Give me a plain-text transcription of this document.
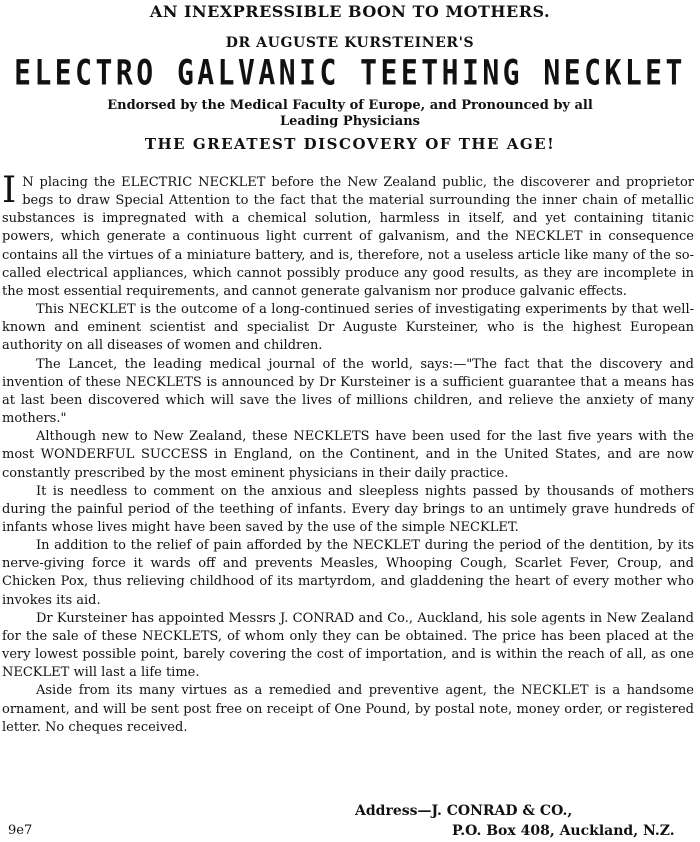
AN INEXPRESSIBLE BOON TO MOTHERS.
DR AUGUSTE KURSTEINER'S
ELECTRO GALVANIC TEETHING NECKLET
Endorsed by the Medical Faculty of Europe, and Pronounced by all
Leading Physicians
THE GREATEST DISCOVERY OF THE AGE!

I N placing the ELECTRIC NECKLET before the New Zealand public, the discoverer and proprietor begs to draw Special Attention to the fact that the material surrounding the inner chain of metallic substances is impregnated with a chemical solution, harmless in itself, and yet containing titanic powers, which generate a continuous light current of galvanism, and the NECKLET in consequence contains all the virtues of a miniature battery, and is, therefore, not a useless article like many of the so-called electrical appliances, which cannot possibly produce any good results, as they are incomplete in the most essential requirements, and cannot generate galvanism nor produce galvanic effects.

This NECKLET is the outcome of a long-continued series of investigating experiments by that well-known and eminent scientist and specialist Dr Auguste Kursteiner, who is the highest European authority on all diseases of women and children.

The Lancet, the leading medical journal of the world, says:—"The fact that the discovery and invention of these NECKLETS is announced by Dr Kursteiner is a sufficient guarantee that a means has at last been discovered which will save the lives of millions children, and relieve the anxiety of many mothers."

Although new to New Zealand, these NECKLETS have been used for the last five years with the most WONDERFUL SUCCESS in England, on the Continent, and in the United States, and are now constantly prescribed by the most eminent physicians in their daily practice.

It is needless to comment on the anxious and sleepless nights passed by thousands of mothers during the painful period of the teething of infants. Every day brings to an untimely grave hundreds of infants whose lives might have been saved by the use of the simple NECKLET.

In addition to the relief of pain afforded by the NECKLET during the period of the dentition, by its nerve-giving force it wards off and prevents Measles, Whooping Cough, Scarlet Fever, Croup, and Chicken Pox, thus relieving childhood of its martyrdom, and gladdening the heart of every mother who invokes its aid.

Dr Kursteiner has appointed Messrs J. CONRAD and Co., Auckland, his sole agents in New Zealand for the sale of these NECKLETS, of whom only they can be obtained. The price has been placed at the very lowest possible point, barely covering the cost of importation, and is within the reach of all, as one NECKLET will last a life time.

Aside from its many virtues as a remedied and preventive agent, the NECKLET is a handsome ornament, and will be sent post free on receipt of One Pound, by postal note, money order, or registered letter. No cheques received.

Address—J. CONRAD & CO.,
P.O. Box 408, Auckland, N.Z.
9e7
